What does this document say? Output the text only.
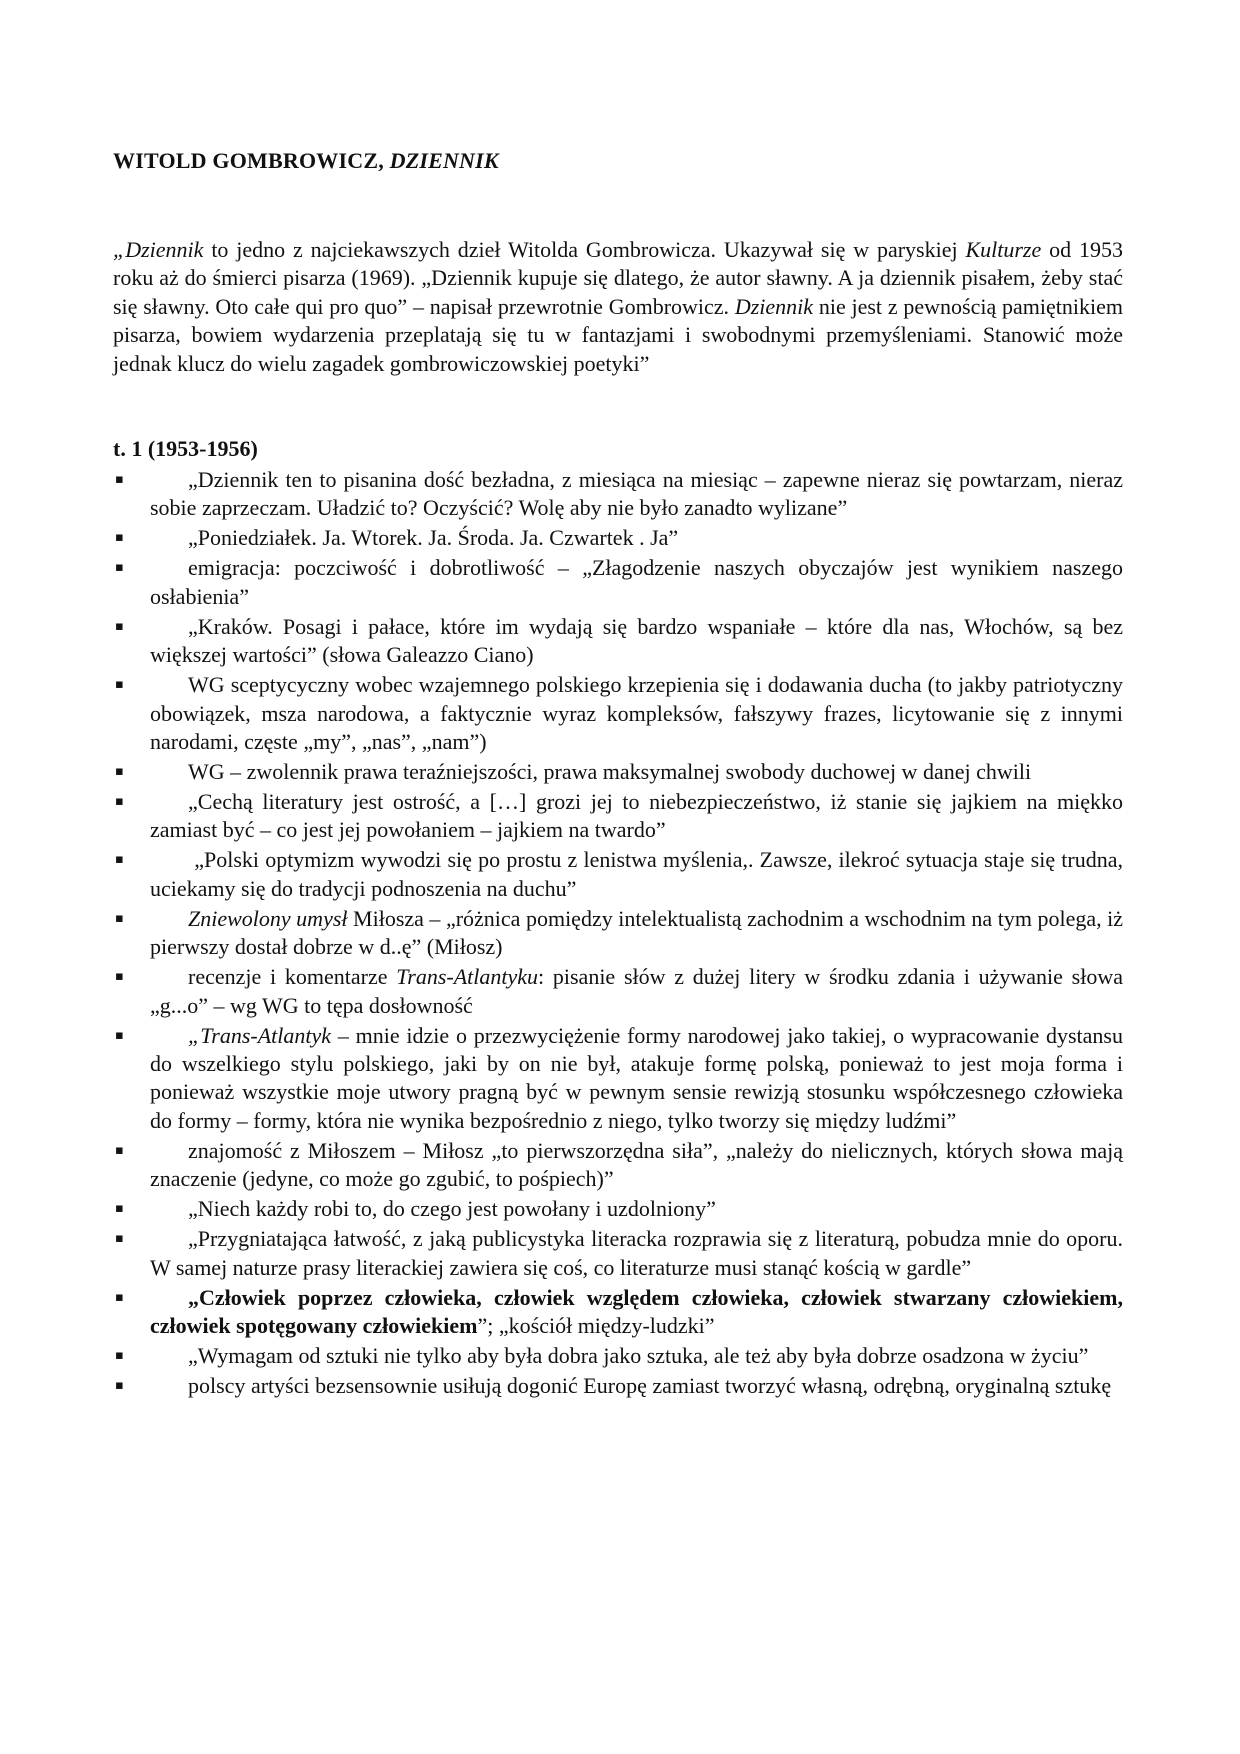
WITOLD GOMBROWICZ, DZIENNIK

„Dziennik to jedno z najciekawszych dzieł Witolda Gombrowicza. Ukazywał się w paryskiej Kulturze od 1953 roku aż do śmierci pisarza (1969). „Dziennik kupuje się dlatego, że autor sławny. A ja dziennik pisałem, żeby stać się sławny. Oto całe qui pro quo” – napisał przewrotnie Gombrowicz. Dziennik nie jest z pewnością pamiętnikiem pisarza, bowiem wydarzenia przeplatają się tu w fantazjami i swobodnymi przemyśleniami. Stanowić może jednak klucz do wielu zagadek gombrowiczowskiej poetyki”

t. 1 (1953-1956)
▪	„Dziennik ten to pisanina dość bezładna, z miesiąca na miesiąc – zapewne nieraz się powtarzam, nieraz sobie zaprzeczam. Uładzić to? Oczyścić? Wolę aby nie było zanadto wylizane”
▪	„Poniedziałek. Ja. Wtorek. Ja. Środa. Ja. Czwartek . Ja”
▪	emigracja: poczciwość i dobrotliwość – „Złagodzenie naszych obyczajów jest wynikiem naszego osłabienia”
▪	„Kraków. Posagi i pałace, które im wydają się bardzo wspaniałe – które dla nas, Włochów, są bez większej wartości” (słowa Galeazzo Ciano)
▪	WG sceptycyczny wobec wzajemnego polskiego krzepienia się i dodawania ducha (to jakby patriotyczny obowiązek, msza narodowa, a faktycznie wyraz kompleksów, fałszywy frazes, licytowanie się z innymi narodami, częste „my”, „nas”, „nam”)
▪	WG – zwolennik prawa teraźniejszości, prawa maksymalnej swobody duchowej w danej chwili
▪	„Cechą literatury jest ostrość, a […] grozi jej to niebezpieczeństwo, iż stanie się jajkiem na miękko zamiast być – co jest jej powołaniem – jajkiem na twardo”
▪	„Polski optymizm wywodzi się po prostu z lenistwa myślenia,. Zawsze, ilekroć sytuacja staje się trudna, uciekamy się do tradycji podnoszenia na duchu”
▪	Zniewolony umysł Miłosza – „różnica pomiędzy intelektualistą zachodnim a wschodnim na tym polega, iż pierwszy dostał dobrze w d..ę” (Miłosz)
▪	recenzje i komentarze Trans-Atlantyku: pisanie słów z dużej litery w środku zdania i używanie słowa „g...o” – wg WG to tępa dosłowność
▪	„Trans-Atlantyk – mnie idzie o przezwyciężenie formy narodowej jako takiej, o wypracowanie dystansu do wszelkiego stylu polskiego, jaki by on nie był, atakuje formę polską, ponieważ to jest moja forma i ponieważ wszystkie moje utwory pragną być w pewnym sensie rewizją stosunku współczesnego człowieka do formy – formy, która nie wynika bezpośrednio z niego, tylko tworzy się między ludźmi”
▪	znajomość z Miłoszem – Miłosz „to pierwszorzędna siła”, „należy do nielicznych, których słowa mają znaczenie (jedyne, co może go zgubić, to pośpiech)”
▪	„Niech każdy robi to, do czego jest powołany i uzdolniony”
▪	„Przygniatająca łatwość, z jaką publicystyka literacka rozprawia się z literaturą, pobudza mnie do oporu. W samej naturze prasy literackiej zawiera się coś, co literaturze musi stanąć kością w gardle”
▪	„Człowiek poprzez człowieka, człowiek względem człowieka, człowiek stwarzany człowiekiem, człowiek spotęgowany człowiekiem”; „kościół między-ludzki”
▪	„Wymagam od sztuki nie tylko aby była dobra jako sztuka, ale też aby była dobrze osadzona w życiu”
▪	polscy artyści bezsensownie usiłują dogonić Europę zamiast tworzyć własną, odrębną, oryginalną sztukę
